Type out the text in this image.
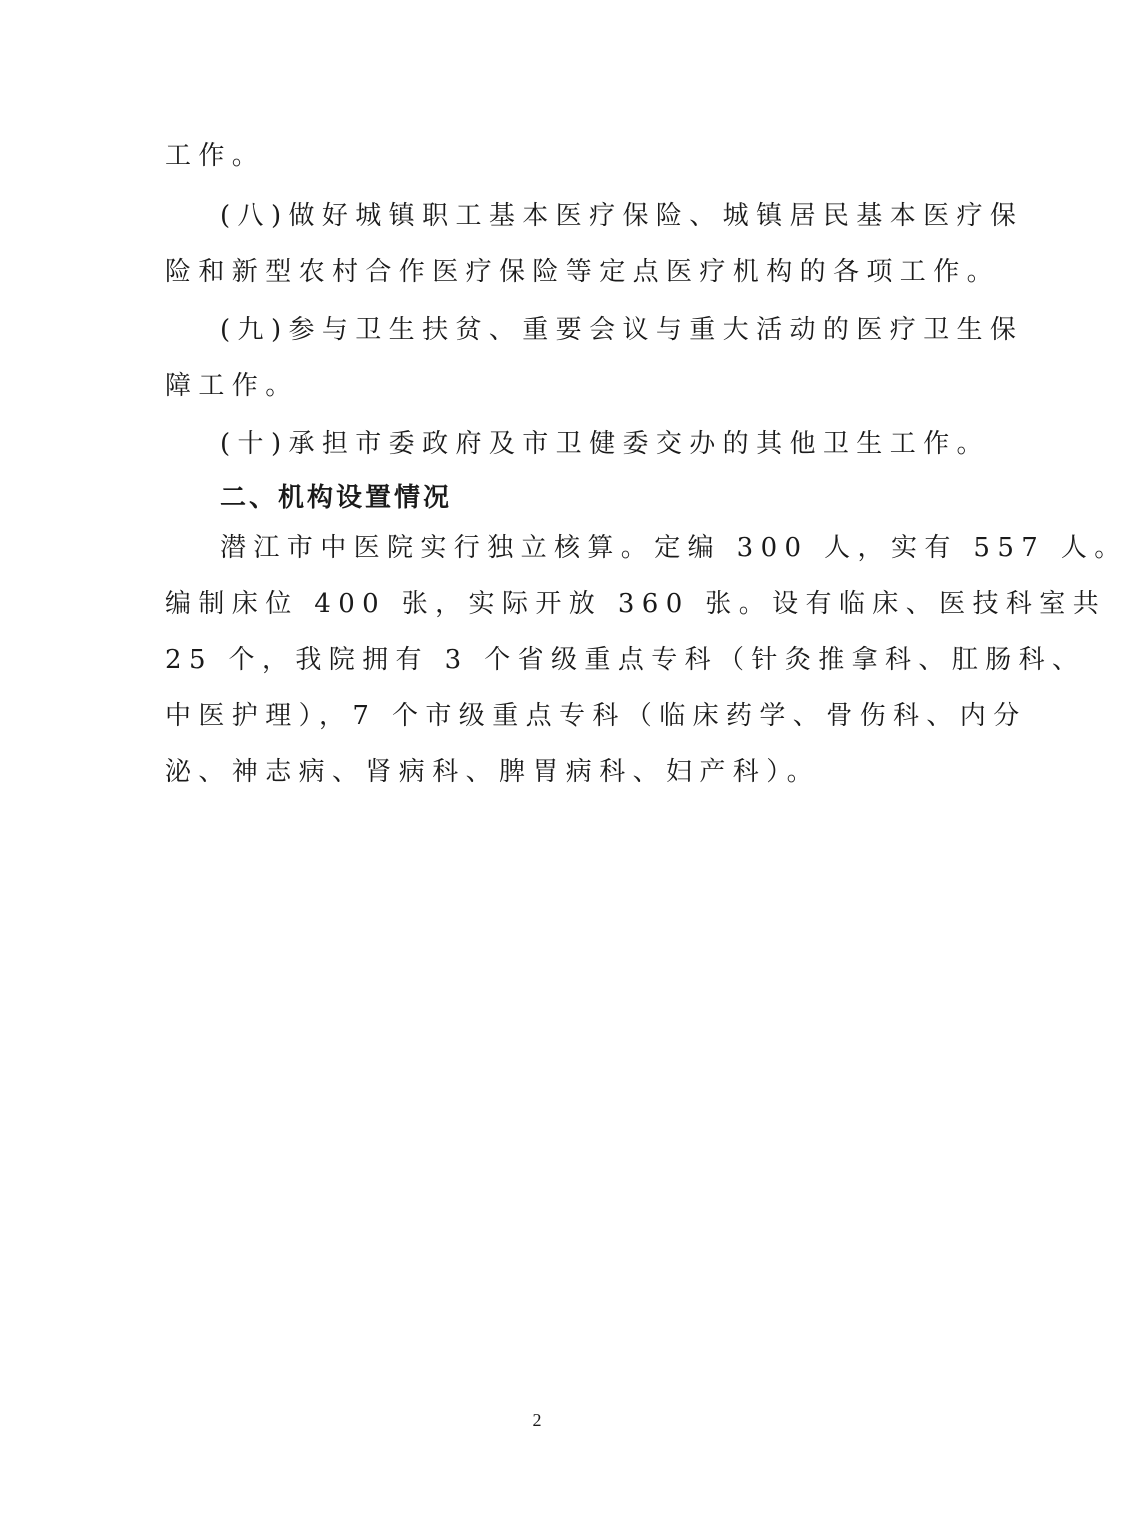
工作。
(八)做好城镇职工基本医疗保险、城镇居民基本医疗保
险和新型农村合作医疗保险等定点医疗机构的各项工作。
(九)参与卫生扶贫、重要会议与重大活动的医疗卫生保
障工作。
(十)承担市委政府及市卫健委交办的其他卫生工作。
二、机构设置情况
潜江市中医院实行独立核算。定编 300 人，实有 557 人。
编制床位 400 张，实际开放 360 张。设有临床、医技科室共
25 个，我院拥有 3 个省级重点专科（针灸推拿科、肛肠科、
中医护理），7 个市级重点专科（临床药学、骨伤科、内分
泌、神志病、肾病科、脾胃病科、妇产科）。
2
